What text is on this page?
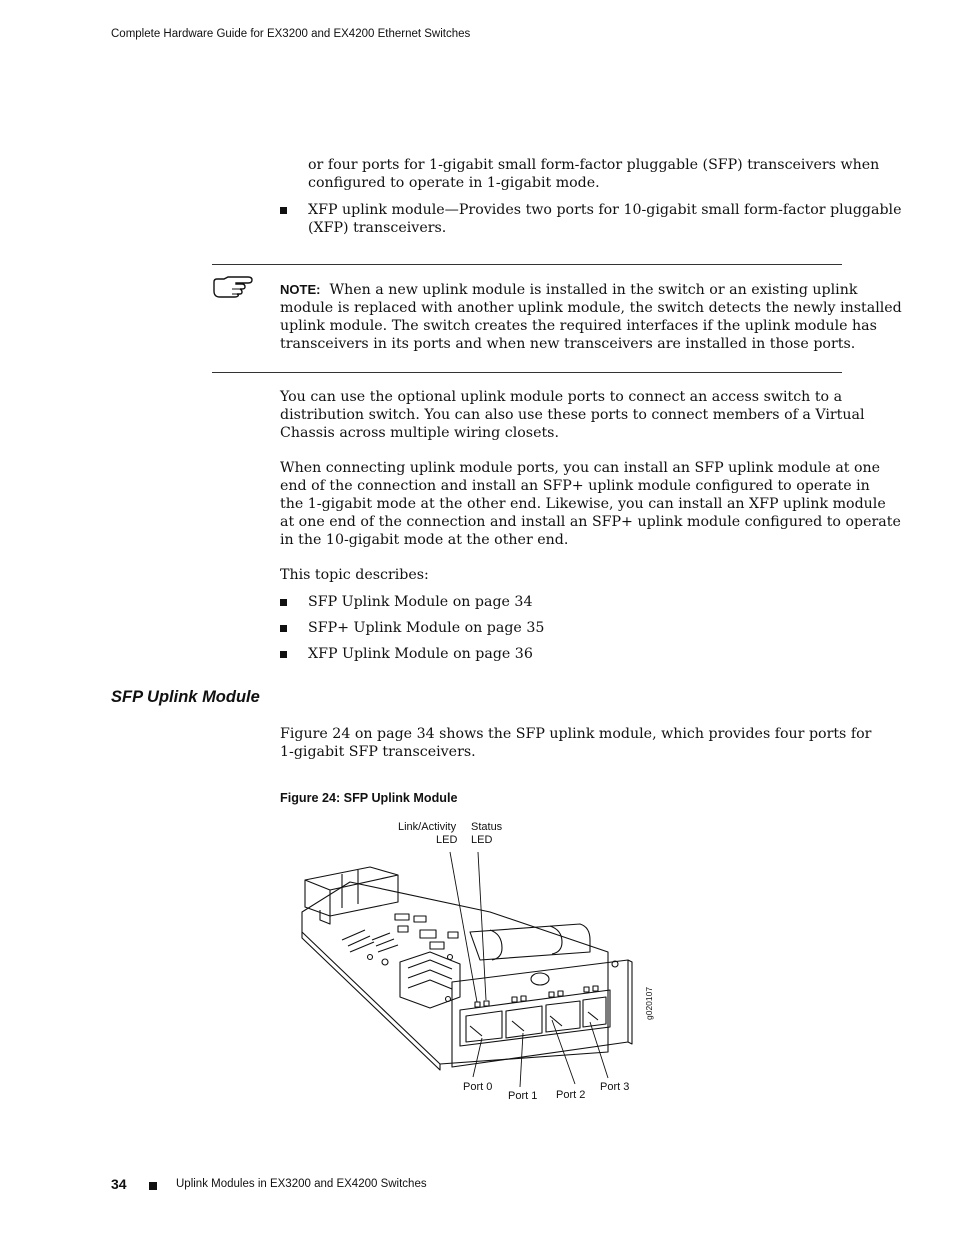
Complete Hardware Guide for EX3200 and EX4200 Ethernet Switches
or four ports for 1-gigabit small form-factor pluggable (SFP) transceivers when
configured to operate in 1-gigabit mode.
XFP uplink module—Provides two ports for 10-gigabit small form-factor pluggable
(XFP) transceivers.
NOTE: When a new uplink module is installed in the switch or an existing uplink
module is replaced with another uplink module, the switch detects the newly installed
uplink module. The switch creates the required interfaces if the uplink module has
transceivers in its ports and when new transceivers are installed in those ports.
You can use the optional uplink module ports to connect an access switch to a
distribution switch. You can also use these ports to connect members of a Virtual
Chassis across multiple wiring closets.
When connecting uplink module ports, you can install an SFP uplink module at one
end of the connection and install an SFP+ uplink module configured to operate in
the 1-gigabit mode at the other end. Likewise, you can install an XFP uplink module
at one end of the connection and install an SFP+ uplink module configured to operate
in the 10-gigabit mode at the other end.
This topic describes:
SFP Uplink Module on page 34
SFP+ Uplink Module on page 35
XFP Uplink Module on page 36
SFP Uplink Module
Figure 24 on page 34 shows the SFP uplink module, which provides four ports for
1-gigabit SFP transceivers.
Figure 24: SFP Uplink Module
Link/Activity
LED
Status
LED
Port 0
Port 1 Port 2
Port 3
g020107
34	Uplink Modules in EX3200 and EX4200 Switches
